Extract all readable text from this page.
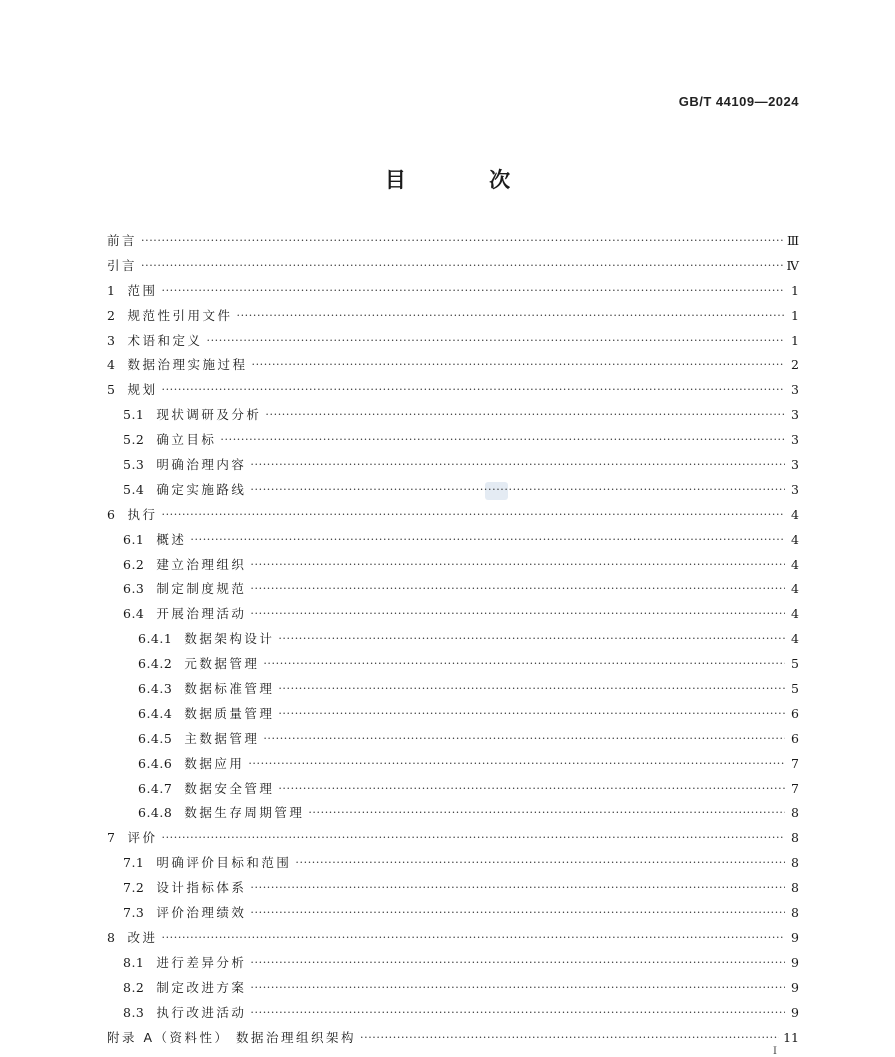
GB/T 44109—2024
目 次
前言 ·····	Ⅲ
引言 ·····	Ⅳ
1 范围 ·····	1
2 规范性引用文件 ·····	1
3 术语和定义 ·····	1
4 数据治理实施过程 ·····	2
5 规划 ·····	3
5.1 现状调研及分析 ·····	3
5.2 确立目标 ·····	3
5.3 明确治理内容 ·····	3
5.4 确定实施路线 ·····	3
6 执行 ·····	4
6.1 概述 ·····	4
6.2 建立治理组织 ·····	4
6.3 制定制度规范 ·····	4
6.4 开展治理活动 ·····	4
6.4.1 数据架构设计 ·····	4
6.4.2 元数据管理 ·····	5
6.4.3 数据标准管理 ·····	5
6.4.4 数据质量管理 ·····	6
6.4.5 主数据管理 ·····	6
6.4.6 数据应用 ·····	7
6.4.7 数据安全管理 ·····	7
6.4.8 数据生存周期管理 ·····	8
7 评价 ·····	8
7.1 明确评价目标和范围 ·····	8
7.2 设计指标体系 ·····	8
7.3 评价治理绩效 ·····	8
8 改进 ·····	9
8.1 进行差异分析 ·····	9
8.2 制定改进方案 ·····	9
8.3 执行改进活动 ·····	9
附录 A（资料性） 数据治理组织架构 ·····	11
I
